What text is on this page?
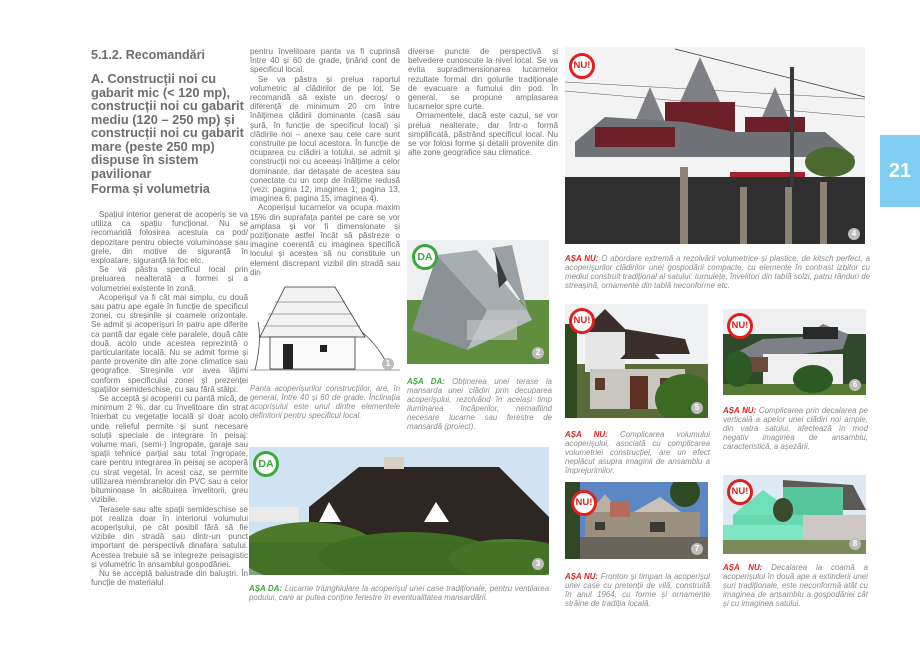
5.1.2. Recomandări
A. Construcții noi cu gabarit mic (< 120 mp), construcții noi cu gabarit mediu (120 – 250 mp) și construcții noi cu gabarit mare (peste 250 mp) dispuse în sistem pavilionar
Forma și volumetria

Spațiul interior generat de acoperiș se va utiliza ca spațiu funcțional. Nu se recomandă folosirea acestuia ca pod/ depozitare pentru obiecte voluminoase sau grele, din motive de siguranță în exploatare, siguranță la foc etc.

Se va păstra specificul local prin preluarea nealterată a formei și a volumetriei existente în zonă.

Acoperișul va fi cât mai simplu, cu două sau patru ape egale în funcție de specificul zonei, cu streșinile și coamele orizontale. Se admit și acoperișuri în patru ape diferite ca pantă dar egale cele paralele, două câte două, acolo unde acestea reprezintă o particularitate locală. Nu se admit forme și pante provenite din alte zone climatice sau geografice. Streșinile vor avea lățimi conform specificului zonei și prezenței spațiilor semideschise, cu sau fără stâlpi.

Se acceptă și acoperiri cu pantă mică, de minimum 2 %, dar cu învelitoare din strat înierbat cu vegetație locală și doar acolo unde relieful permite și sunt necesare soluții speciale de integrare în peisaj: volume mari, (semi-) îngropate, garaje sau spații tehnice parțial sau total îngropate, care pentru integrarea în peisaj se acoperă cu strat vegetal. În acest caz, se permite utilizarea membranelor din PVC sau a celor bituminoase în alcătuirea învelitorii, greu vizibile.

Terasele sau alte spații semideschise se pot realiza doar în interiorul volumului acoperișului, pe cât posibil fără să fie vizibile din stradă sau dintr-un punct important de perspectivă dinafara satului. Acestea trebuie să se integreze peisagistic și volumetric în ansamblul gospodăriei.

Nu se acceptă balustrade din baluștri. În funcție de materialul

pentru învelitoare panta va fi cuprinsă între 40 și 60 de grade, ținând cont de specificul local.

Se va păstra și prelua raportul volumetric al clădirilor de pe lot. Se recomandă să existe un decroș/ o diferență de minimum 20 cm între înălțimea clădirii dominante (casă sau șură, în funcție de specificul local) și clădirile noi – anexe sau cele care sunt construite pe locul acestora. În funcție de ocuparea cu clădiri a lotului, se admit și construcții noi cu aceeași înălțime a celor dominante, dar detașate de acestea sau conectate cu un corp de înălțime redusă (vezi: pagina 12, imaginea 1; pagina 13, imaginea 6; pagina 15, imaginea 4).

Acoperișul lucarnelor va ocupa maxim 15% din suprafața pantei pe care se vor amplasa și vor fi dimensionate și poziționate astfel încât să păstreze o imagine coerentă cu imaginea specifică locului și acestea să nu constituie un element discrepant vizibil din stradă sau din

diverse puncte de perspectivă și belvedere cunoscute la nivel local. Se va evita supradimensionarea lucarnelor rezultate formal din golurile tradiționale de evacuare a fumului din pod. În general, se propune amplasarea lucarnelor spre curte.

Ornamentele, dacă este cazul, se vor prelua nealterate, dar într-o formă simplificată, păstrând specificul local. Nu se vor folosi forme și detalii provenite din alte zone geografice sau climatice.

1
Panta acoperișurilor construcțiilor, are, în general, între 40 și 60 de grade. Înclinația acoprișului este unul dintre elementele definitorii pentru specificul local.
DA
2
AȘA DA: Obținerea unei terase la mansarda unei clădiri prin decuparea acoperișului, rezolvând în același timp iluminarea încăperilor, nemaifiind necesare lucarne sau ferestre de mansardă (proiect).
DA
3
AȘA DA: Lucarne triunghiulare la acoperișul unei case tradiționale, pentru ventilarea podului, care ar putea conține ferestre în eventualitatea mansardării.
NU!
4
AȘA NU: O abordare extremă a rezolvării volumetrice și plastice, de kitsch perfect, a acoperișurilor clădirilor unei gospodării compacte, cu elemente în contrast izbitor cu mediul construit tradițional al satului: turnulețe, învelitori din tablă solzi, patru rânduri de streașină, ornamente din tablă neconforme etc.
21
NU!
5
AȘA NU: Complicarea volumului acoperișului, asociată cu complicarea volumetriei construcției, are un efect neplăcut asupra imaginii de ansamblu a împrejurimilor.
NU!
6
AȘA NU: Complicarea prin decalarea pe verticală a apelor unei clădiri noi ample, din vatra satului, afectează în mod negativ imaginea de ansamblu, caracteristică, a așezării.
NU!
7
AȘA NU: Fronton și timpan la acoperișul unei case cu pretenții de vilă, construită în anul 1964, cu forme și ornamente străine de tradiția locală.
NU!
8
AȘA NU: Decalarea la coamă a acoperișului în două ape a extinderii unei șuri tradiționale, este neconformă atât cu imaginea de ansamblu a gospodăriei cât și cu imaginea satului.
